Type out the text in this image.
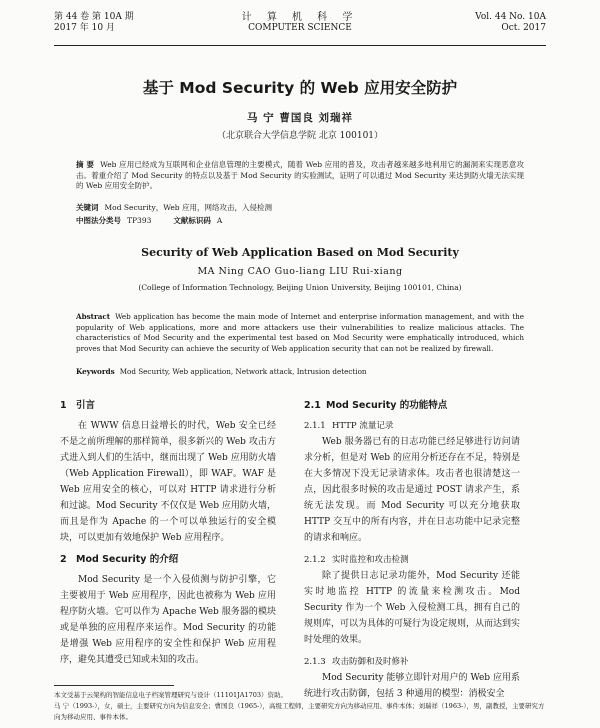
第 44 卷 第 10A 期
2017 年 10 月
计 算 机 科 学
COMPUTER SCIENCE
Vol. 44 No. 10A
Oct. 2017
基于 Mod Security 的 Web 应用安全防护
马 宁 曹国良 刘瑞祥
（北京联合大学信息学院 北京 100101）
摘 要 Web 应用已经成为互联网和企业信息管理的主要模式，随着 Web 应用的普及，攻击者越来越多地利用它的漏洞来实现恶意攻击。着重介绍了 Mod Security 的特点以及基于 Mod Security 的实验测试，证明了可以通过 Mod Security 来达到防火墙无法实现的 Web 应用安全防护。
关键词 Mod Security，Web 应用，网络攻击，入侵检测
中图法分类号 TP393	文献标识码 A
Security of Web Application Based on Mod Security
MA Ning CAO Guo-liang LIU Rui-xiang
(College of Information Technology, Beijing Union University, Beijing 100101, China)
Abstract Web application has become the main mode of Internet and enterprise information management, and with the popularity of Web applications, more and more attackers use their vulnerabilities to realize malicious attacks. The characteristics of Mod Security and the experimental test based on Mod Security were emphatically introduced, which proves that Mod Security can achieve the security of Web application security that can not be realized by firewall.
Keywords Mod Security, Web application, Network attack, Intrusion detection
1 引言

在 WWW 信息日益增长的时代，Web 安全已经不是之前所理解的那样简单，很多新兴的 Web 攻击方式进入到人们的生活中，继而出现了 Web 应用防火墙（Web Application Firewall），即 WAF。WAF 是 Web 应用安全的核心，可以对 HTTP 请求进行分析和过滤。Mod Security 不仅仅是 Web 应用防火墙，而且是作为 Apache 的一个可以单独运行的安全模块，可以更加有效地保护 Web 应用程序。

2 Mod Security 的介绍

Mod Security 是一个入侵侦测与防护引擎，它主要被用于 Web 应用程序，因此也被称为 Web 应用程序防火墙。它可以作为 Apache Web 服务器的模块或是单独的应用程序来运作。Mod Security 的功能是增强 Web 应用程序的安全性和保护 Web 应用程序，避免其遭受已知或未知的攻击。

2.1 Mod Security 的功能特点
2.1.1 HTTP 流量记录

Web 服务器已有的日志功能已经足够进行访问请求分析，但是对 Web 的应用分析还存在不足，特别是在大多情况下没无记录请求体。攻击者也很清楚这一点，因此很多时候的攻击是通过 POST 请求产生，系统无法发现。而 Mod Security 可以充分地获取 HTTP 交互中的所有内容，并在日志功能中记录完整的请求和响应。

2.1.2 实时监控和攻击检测

除了提供日志记录功能外，Mod Security 还能实时地监控 HTTP 的流量来检测攻击。Mod Security 作为一个 Web 入侵检测工具，拥有自己的规则库，可以为具体的可疑行为设定规则，从而达到实时处理的效果。

2.1.3 攻击防御和及时修补

Mod Security 能够立即针对用户的 Web 应用系统进行攻击防御，包括 3 种通用的模型：消极安全

本文受基于云架构的智能信息电子档案管理研究与设计（11101JA1703）资助。
马 宁（1993-），女，硕士，主要研究方向为信息安全；曹国良（1965-），高级工程师，主要研究方向为移动应用、事件本体；刘瑞祥（1963-），男，副教授，主要研究方向为移动应用、事件本体。
